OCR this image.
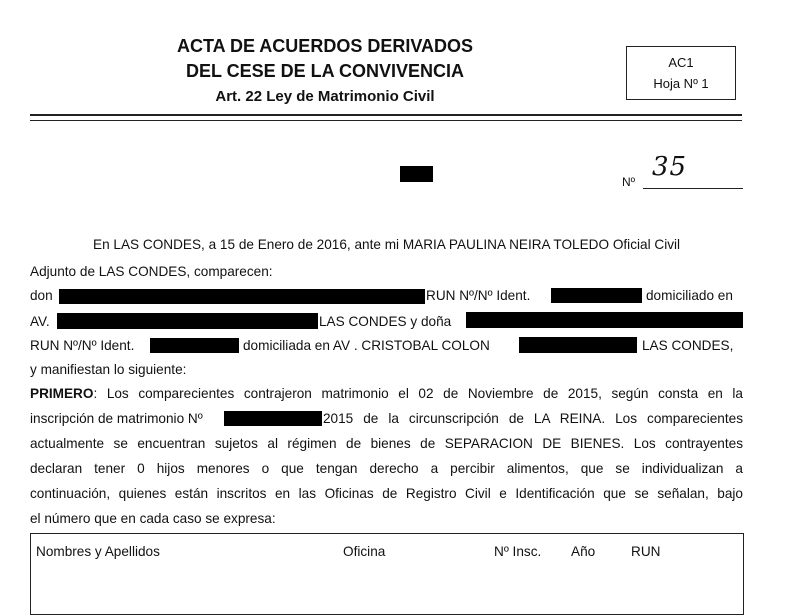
ACTA DE ACUERDOS DERIVADOS
DEL CESE DE LA CONVIVENCIA
Art. 22 Ley de Matrimonio Civil
AC1
Hoja Nº 1
Nº 35
En LAS CONDES, a 15 de Enero de 2016, ante mi MARIA PAULINA NEIRA TOLEDO Oficial Civil
Adjunto de LAS CONDES, comparecen:
don	RUN Nº/Nº Ident.	domiciliado en
AV.	LAS CONDES y doña
RUN Nº/Nº Ident.	domiciliada en AV . CRISTOBAL COLON	LAS CONDES,
y manifiestan lo siguiente:
PRIMERO: Los comparecientes contrajeron matrimonio el 02 de Noviembre de 2015, según consta en la
inscripción de matrimonio Nº	2015 de la circunscripción de LA REINA. Los comparecientes
actualmente se encuentran sujetos al régimen de bienes de SEPARACION DE BIENES. Los contrayentes
declaran tener 0 hijos menores o que tengan derecho a percibir alimentos, que se individualizan a
continuación, quienes están inscritos en las Oficinas de Registro Civil e Identificación que se señalan, bajo
el número que en cada caso se expresa:
Nombres y Apellidos	Oficina	Nº Insc. Año	RUN
